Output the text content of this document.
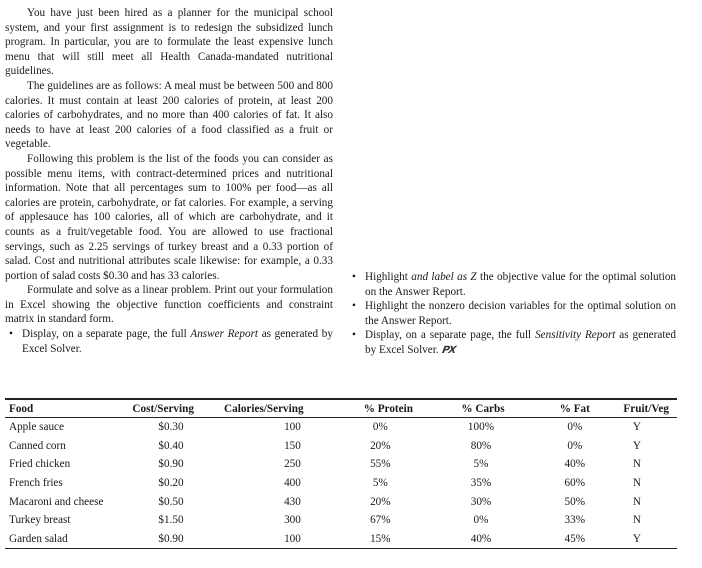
You have just been hired as a planner for the municipal school system, and your first assignment is to redesign the subsidized lunch program. In particular, you are to formulate the least expensive lunch menu that will still meet all Health Canada-mandated nutritional guidelines.

The guidelines are as follows: A meal must be between 500 and 800 calories. It must contain at least 200 calories of protein, at least 200 calories of carbohydrates, and no more than 400 calories of fat. It also needs to have at least 200 calories of a food classified as a fruit or vegetable.

Following this problem is the list of the foods you can consider as possible menu items, with contract-determined prices and nutritional information. Note that all percentages sum to 100% per food—as all calories are protein, carbohydrate, or fat calories. For example, a serving of applesauce has 100 calories, all of which are carbohydrate, and it counts as a fruit/vegetable food. You are allowed to use fractional servings, such as 2.25 servings of turkey breast and a 0.33 portion of salad. Cost and nutritional attributes scale likewise: for example, a 0.33 portion of salad costs $0.30 and has 33 calories.

Formulate and solve as a linear problem. Print out your formulation in Excel showing the objective function coefficients and constraint matrix in standard form.

• Display, on a separate page, the full Answer Report as generated by Excel Solver.
• Highlight and label as Z the objective value for the optimal solution on the Answer Report.
• Highlight the nonzero decision variables for the optimal solution on the Answer Report.
• Display, on a separate page, the full Sensitivity Report as generated by Excel Solver. PX
Food	Cost/Serving	Calories/Serving	% Protein	% Carbs	% Fat	Fruit/Veg
Apple sauce	$0.30	100	0%	100%	0%	Y
Canned corn	$0.40	150	20%	80%	0%	Y
Fried chicken	$0.90	250	55%	5%	40%	N
French fries	$0.20	400	5%	35%	60%	N
Macaroni and cheese	$0.50	430	20%	30%	50%	N
Turkey breast	$1.50	300	67%	0%	33%	N
Garden salad	$0.90	100	15%	40%	45%	Y
